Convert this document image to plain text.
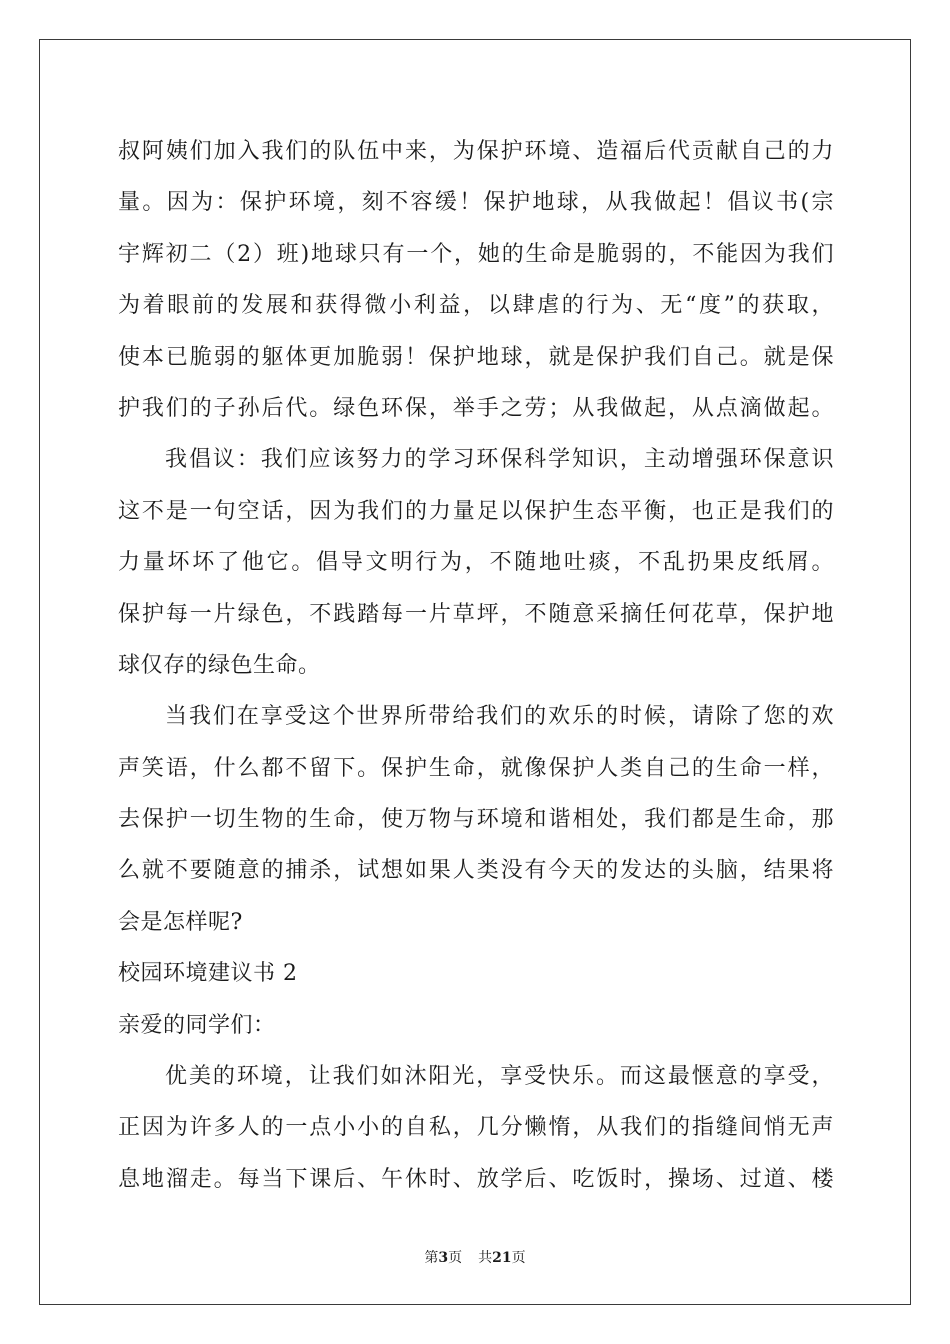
叔阿姨们加入我们的队伍中来，为保护环境、造福后代贡献自己的力
量。因为：保护环境，刻不容缓！保护地球，从我做起！倡议书(宗
宇辉初二（2）班)地球只有一个，她的生命是脆弱的，不能因为我们
为着眼前的发展和获得微小利益，以肆虐的行为、无“度”的获取，
使本已脆弱的躯体更加脆弱！保护地球，就是保护我们自己。就是保
护我们的子孙后代。绿色环保，举手之劳；从我做起，从点滴做起。
我倡议：我们应该努力的学习环保科学知识，主动增强环保意识
这不是一句空话，因为我们的力量足以保护生态平衡，也正是我们的
力量坏坏了他它。倡导文明行为，不随地吐痰，不乱扔果皮纸屑。
保护每一片绿色，不践踏每一片草坪，不随意采摘任何花草，保护地
球仅存的绿色生命。
当我们在享受这个世界所带给我们的欢乐的时候，请除了您的欢
声笑语，什么都不留下。保护生命，就像保护人类自己的生命一样，
去保护一切生物的生命，使万物与环境和谐相处，我们都是生命，那
么就不要随意的捕杀，试想如果人类没有今天的发达的头脑，结果将
会是怎样呢?
校园环境建议书 2
亲爱的同学们：
优美的环境，让我们如沐阳光，享受快乐。而这最惬意的享受，
正因为许多人的一点小小的自私，几分懒惰，从我们的指缝间悄无声
息地溜走。每当下课后、午休时、放学后、吃饭时，操场、过道、楼
第3页 共21页
